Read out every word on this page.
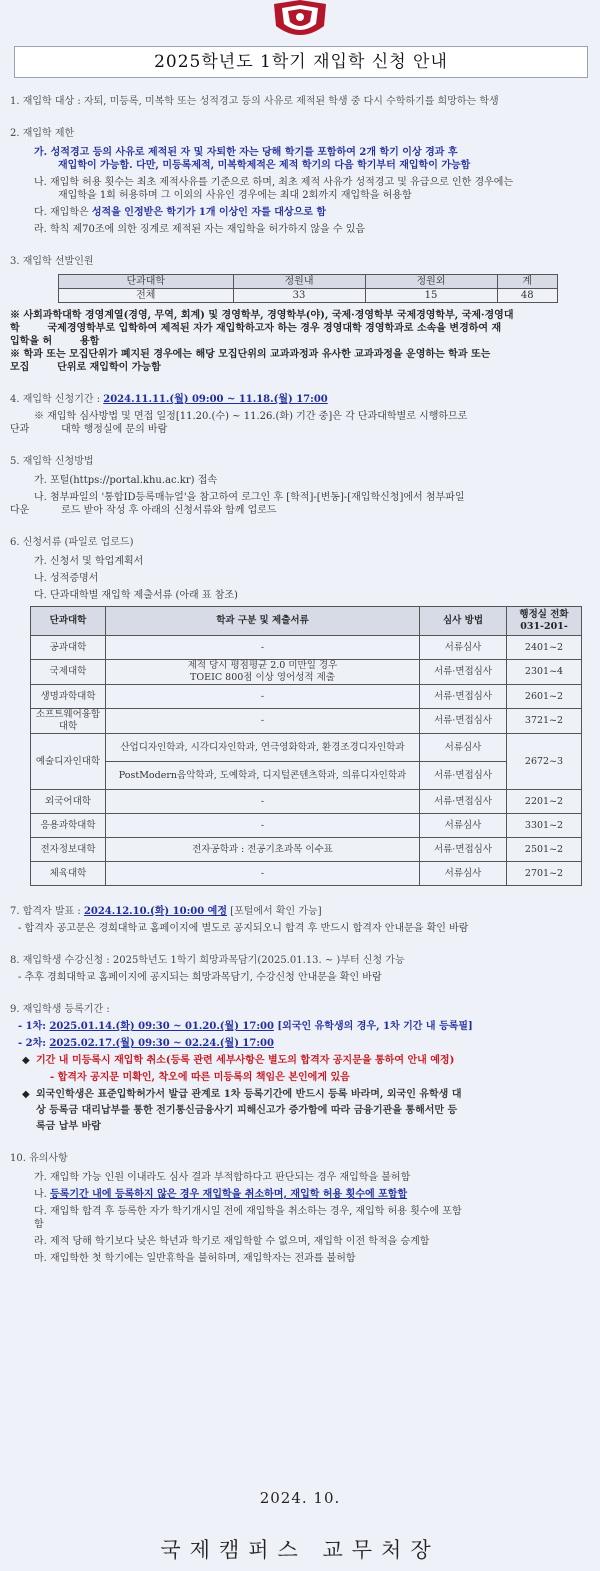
2025학년도 1학기 재입학 신청 안내

1. 재입학 대상 : 자퇴, 미등록, 미복학 또는 성적경고 등의 사유로 제적된 학생 중 다시 수학하기를 희망하는 학생

2. 재입학 제한

가. 성적경고 등의 사유로 제적된 자 및 자퇴한 자는 당해 학기를 포함하여 2개 학기 이상 경과 후
재입학이 가능함. 다만, 미등록제적, 미복학제적은 제적 학기의 다음 학기부터 재입학이 가능함
나. 재입학 허용 횟수는 최초 제적사유를 기준으로 하며, 최초 제적 사유가 성적경고 및 유급으로 인한 경우에는
재입학을 1회 허용하며 그 이외의 사유인 경우에는 최대 2회까지 재입학을 허용함
다. 재입학은 성적을 인정받은 학기가 1개 이상인 자를 대상으로 함
라. 학칙 제70조에 의한 징계로 제적된 자는 재입학을 허가하지 않을 수 있음

3. 재입학 선발인원

단과대학	정원내	정원외	계
전체	33	15	48

※ 사회과학대학 경영계열(경영, 무역, 회계) 및 경영학부, 경영학부(야), 국제·경영학부 국제경영학부, 국제·경영대

학        국제경영학부로 입학하여 제적된 자가 재입학하고자 하는 경우 경영대학 경영학과로 소속을 변경하여 재

입학을 허        용함

※ 학과 또는 모집단위가 폐지된 경우에는 해당 모집단위의 교과과정과 유사한 교과과정을 운영하는 학과 또는

모집        단위로 재입학이 가능함

4. 재입학 신청기간 : 2024.11.11.(월) 09:00 ~ 11.18.(월) 17:00

※ 재입학 심사방법 및 면접 일정[11.20.(수) ~ 11.26.(화) 기간 중]은 각 단과대학별로 시행하므로
단과          대학 행정실에 문의 바람

5. 재입학 신청방법

가. 포털(https://portal.khu.ac.kr) 접속
나. 첨부파일의 '통합ID등록매뉴얼'을 참고하여 로그인 후 [학적]-[변동]-[재입학신청]에서 첨부파일
다운          로드 받아 작성 후 아래의 신청서류와 함께 업로드

6. 신청서류 (파일로 업로드)

가. 신청서 및 학업계획서
나. 성적증명서
다. 단과대학별 재입학 제출서류 (아래 표 참조)
단과대학	학과 구분 및 제출서류	심사 방법	행정실 전화 031-201-
공과대학	-	서류심사	2401~2
국제대학	제적 당시 평점평균 2.0 미만일 경우 TOEIC 800점 이상 영어성적 제출	서류·면접심사	2301~4
생명과학대학	-	서류·면접심사	2601~2
소프트웨어융합대학	-	서류·면접심사	3721~2
예술디자인대학	산업디자인학과, 시각디자인학과, 연극영화학과, 환경조경디자인학과	서류심사	2672~3
	PostModern음악학과, 도예학과, 디지털콘텐츠학과, 의류디자인학과	서류·면접심사	
외국어대학	-	서류·면접심사	2201~2
응용과학대학	-	서류심사	3301~2
전자정보대학	전자공학과 : 전공기초과목 이수표	서류·면접심사	2501~2
체육대학	-	서류심사	2701~2

7. 합격자 발표 : 2024.12.10.(화) 10:00 예정 [포털에서 확인 가능]

- 합격자 공고문은 경희대학교 홈페이지에 별도로 공지되오니 합격 후 반드시 합격자 안내문을 확인 바람

8. 재입학생 수강신청 : 2025학년도 1학기 희망과목담기(2025.01.13. ~ )부터 신청 가능

- 추후 경희대학교 홈페이지에 공지되는 희망과목담기, 수강신청 안내문을 확인 바람

9. 재입학생 등록기간 :

- 1차: 2025.01.14.(화) 09:30 ~ 01.20.(월) 17:00 [외국인 유학생의 경우, 1차 기간 내 등록필]
- 2차: 2025.02.17.(월) 09:30 ~ 02.24.(월) 17:00
◆ 기간 내 미등록시 재입학 취소(등록 관련 세부사항은 별도의 합격자 공지문을 통하여 안내 예정)
- 합격자 공지문 미확인, 착오에 따른 미등록의 책임은 본인에게 있음
◆ 외국인학생은 표준입학허가서 발급 관계로 1차 등록기간에 반드시 등록 바라며, 외국인 유학생 대
상 등록금 대리납부를 통한 전기통신금융사기 피해신고가 증가함에 따라 금융기관을 통해서만 등
록금 납부 바람

10. 유의사항

가. 재입학 가능 인원 이내라도 심사 결과 부적합하다고 판단되는 경우 재입학을 불허함
나. 등록기간 내에 등록하지 않은 경우 재입학을 취소하며, 재입학 허용 횟수에 포함함
다. 재입학 합격 후 등록한 자가 학기개시일 전에 재입학을 취소하는 경우, 재입학 허용 횟수에 포함
함
라. 제적 당해 학기보다 낮은 학년과 학기로 재입학할 수 없으며, 재입학 이전 학적을 승계함
마. 재입학한 첫 학기에는 일반휴학을 불허하며, 재입학자는 전과를 불허함
2024. 10.
국제캠퍼스 교무처장
